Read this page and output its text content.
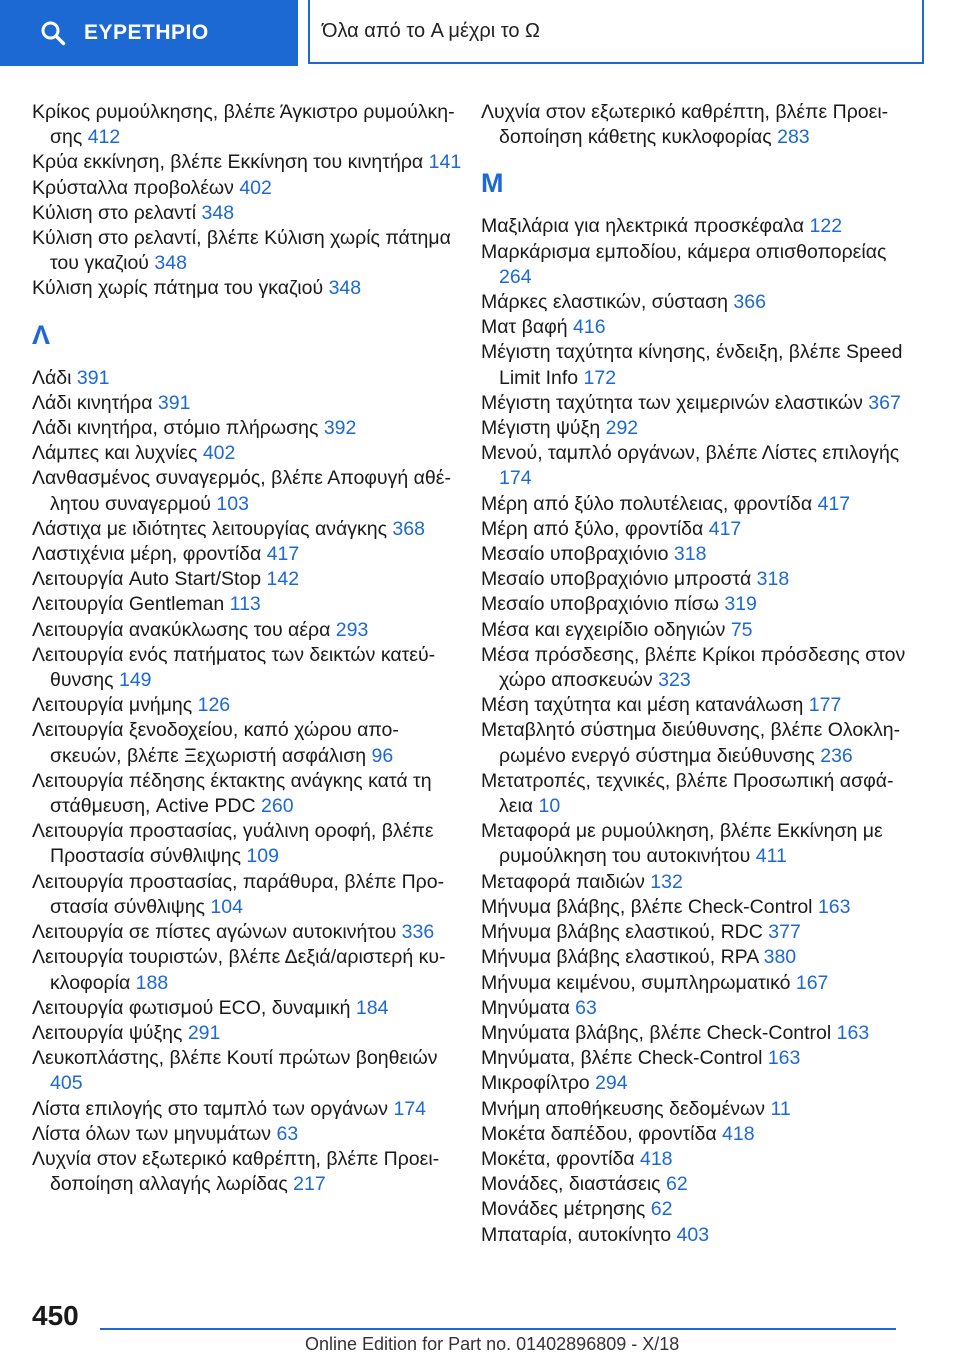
ΕΥΡΕΤΗΡΙΟ	Όλα από το A μέχρι το Ω

Κρίκος ρυμούλκησης, βλέπε Άγκιστρο ρυμούλκησης 412

Κρύα εκκίνηση, βλέπε Εκκίνηση του κινητήρα 141

Κρύσταλλα προβολέων 402

Κύλιση στο ρελαντί 348

Κύλιση στο ρελαντί, βλέπε Κύλιση χωρίς πάτημα του γκαζιού 348

Κύλιση χωρίς πάτημα του γκαζιού 348

Λ

Λάδι 391

Λάδι κινητήρα 391

Λάδι κινητήρα, στόμιο πλήρωσης 392

Λάμπες και λυχνίες 402

Λανθασμένος συναγερμός, βλέπε Αποφυγή αθέλητου συναγερμού 103

Λάστιχα με ιδιότητες λειτουργίας ανάγκης 368

Λαστιχένια μέρη, φροντίδα 417

Λειτουργία Auto Start/Stop 142

Λειτουργία Gentleman 113

Λειτουργία ανακύκλωσης του αέρα 293

Λειτουργία ενός πατήματος των δεικτών κατεύθυνσης 149

Λειτουργία μνήμης 126

Λειτουργία ξενοδοχείου, καπό χώρου αποσκευών, βλέπε Ξεχωριστή ασφάλιση 96

Λειτουργία πέδησης έκτακτης ανάγκης κατά τη στάθμευση, Active PDC 260

Λειτουργία προστασίας, γυάλινη οροφή, βλέπε Προστασία σύνθλιψης 109

Λειτουργία προστασίας, παράθυρα, βλέπε Προστασία σύνθλιψης 104

Λειτουργία σε πίστες αγώνων αυτοκινήτου 336

Λειτουργία τουριστών, βλέπε Δεξιά/αριστερή κυκλοφορία 188

Λειτουργία φωτισμού ECO, δυναμική 184

Λειτουργία ψύξης 291

Λευκοπλάστης, βλέπε Κουτί πρώτων βοηθειών 405

Λίστα επιλογής στο ταμπλό των οργάνων 174

Λίστα όλων των μηνυμάτων 63

Λυχνία στον εξωτερικό καθρέπτη, βλέπε Προειδοποίηση αλλαγής λωρίδας 217

Λυχνία στον εξωτερικό καθρέπτη, βλέπε Προειδοποίηση κάθετης κυκλοφορίας 283

Μ

Μαξιλάρια για ηλεκτρικά προσκέφαλα 122

Μαρκάρισμα εμποδίου, κάμερα οπισθοπορείας 264

Μάρκες ελαστικών, σύσταση 366

Ματ βαφή 416

Μέγιστη ταχύτητα κίνησης, ένδειξη, βλέπε Speed Limit Info 172

Μέγιστη ταχύτητα των χειμερινών ελαστικών 367

Μέγιστη ψύξη 292

Μενού, ταμπλό οργάνων, βλέπε Λίστες επιλογής 174

Μέρη από ξύλο πολυτέλειας, φροντίδα 417

Μέρη από ξύλο, φροντίδα 417

Μεσαίο υποβραχιόνιο 318

Μεσαίο υποβραχιόνιο μπροστά 318

Μεσαίο υποβραχιόνιο πίσω 319

Μέσα και εγχειρίδιο οδηγιών 75

Μέσα πρόσδεσης, βλέπε Κρίκοι πρόσδεσης στον χώρο αποσκευών 323

Μέση ταχύτητα και μέση κατανάλωση 177

Μεταβλητό σύστημα διεύθυνσης, βλέπε Ολοκληρωμένο ενεργό σύστημα διεύθυνσης 236

Μετατροπές, τεχνικές, βλέπε Προσωπική ασφάλεια 10

Μεταφορά με ρυμούλκηση, βλέπε Εκκίνηση με ρυμούλκηση του αυτοκινήτου 411

Μεταφορά παιδιών 132

Μήνυμα βλάβης, βλέπε Check-Control 163

Μήνυμα βλάβης ελαστικού, RDC 377

Μήνυμα βλάβης ελαστικού, RPA 380

Μήνυμα κειμένου, συμπληρωματικό 167

Μηνύματα 63

Μηνύματα βλάβης, βλέπε Check-Control 163

Μηνύματα, βλέπε Check-Control 163

Μικροφίλτρο 294

Μνήμη αποθήκευσης δεδομένων 11

Μοκέτα δαπέδου, φροντίδα 418

Μοκέτα, φροντίδα 418

Μονάδες, διαστάσεις 62

Μονάδες μέτρησης 62

Μπαταρία, αυτοκίνητο 403

450
Online Edition for Part no. 01402896809 - X/18
